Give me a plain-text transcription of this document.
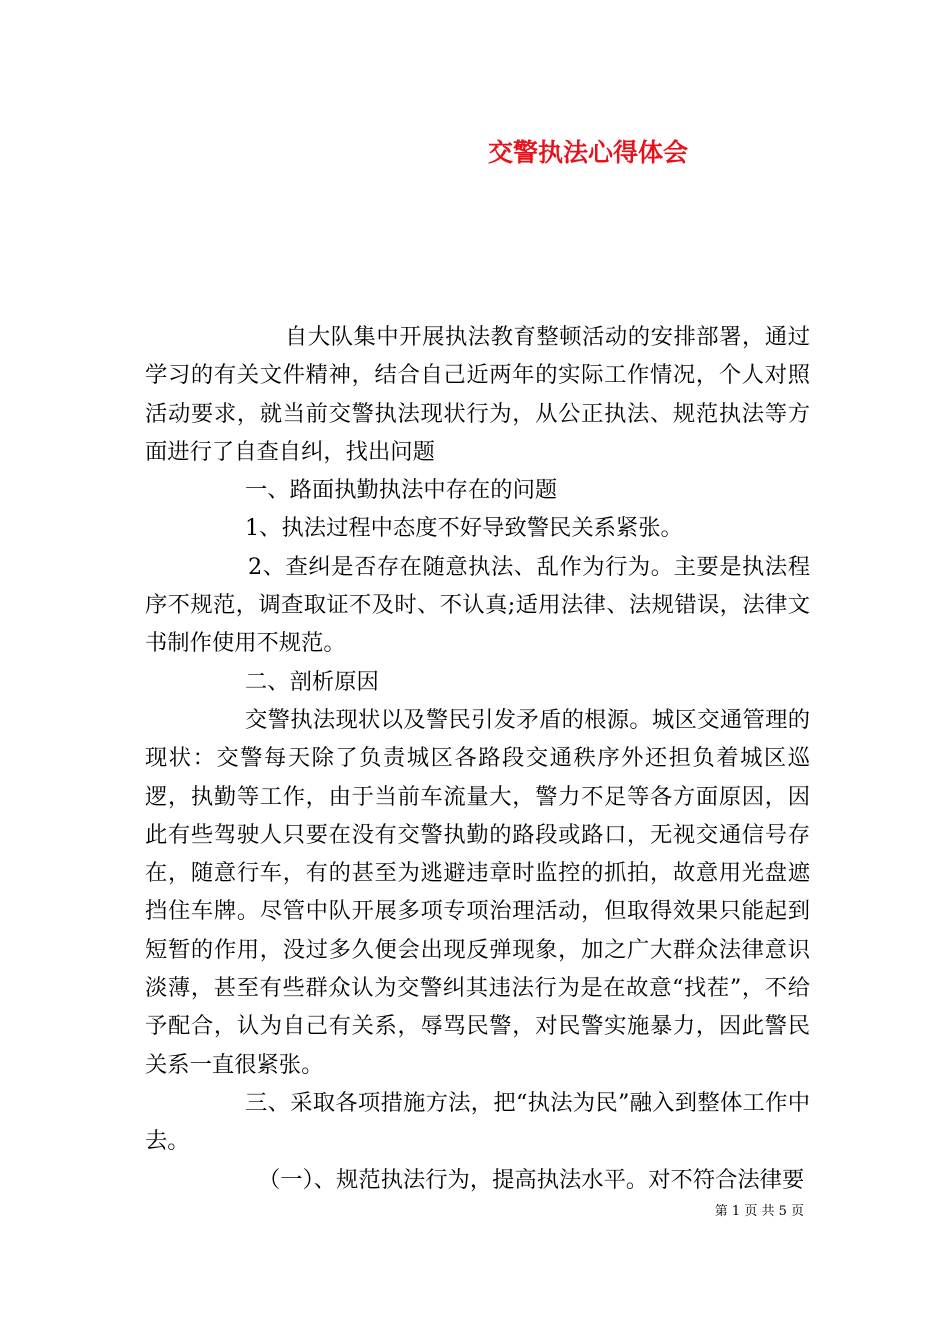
交警执法心得体会

自大队集中开展执法教育整顿活动的安排部署，通过学习的有关文件精神，结合自己近两年的实际工作情况，个人对照活动要求，就当前交警执法现状行为，从公正执法、规范执法等方面进行了自查自纠，找出问题

一、路面执勤执法中存在的问题

1、执法过程中态度不好导致警民关系紧张。

2、查纠是否存在随意执法、乱作为行为。主要是执法程序不规范，调查取证不及时、不认真;适用法律、法规错误，法律文书制作使用不规范。

二、剖析原因

交警执法现状以及警民引发矛盾的根源。城区交通管理的现状：交警每天除了负责城区各路段交通秩序外还担负着城区巡逻，执勤等工作，由于当前车流量大，警力不足等各方面原因，因此有些驾驶人只要在没有交警执勤的路段或路口，无视交通信号存在，随意行车，有的甚至为逃避违章时监控的抓拍，故意用光盘遮挡住车牌。尽管中队开展多项专项治理活动，但取得效果只能起到短暂的作用，没过多久便会出现反弹现象，加之广大群众法律意识淡薄，甚至有些群众认为交警纠其违法行为是在故意“找茬”，不给予配合，认为自己有关系，辱骂民警，对民警实施暴力，因此警民关系一直很紧张。

三、采取各项措施方法，把“执法为民”融入到整体工作中去。

（一）、规范执法行为，提高执法水平。对不符合法律要

第 1 页 共 5 页
